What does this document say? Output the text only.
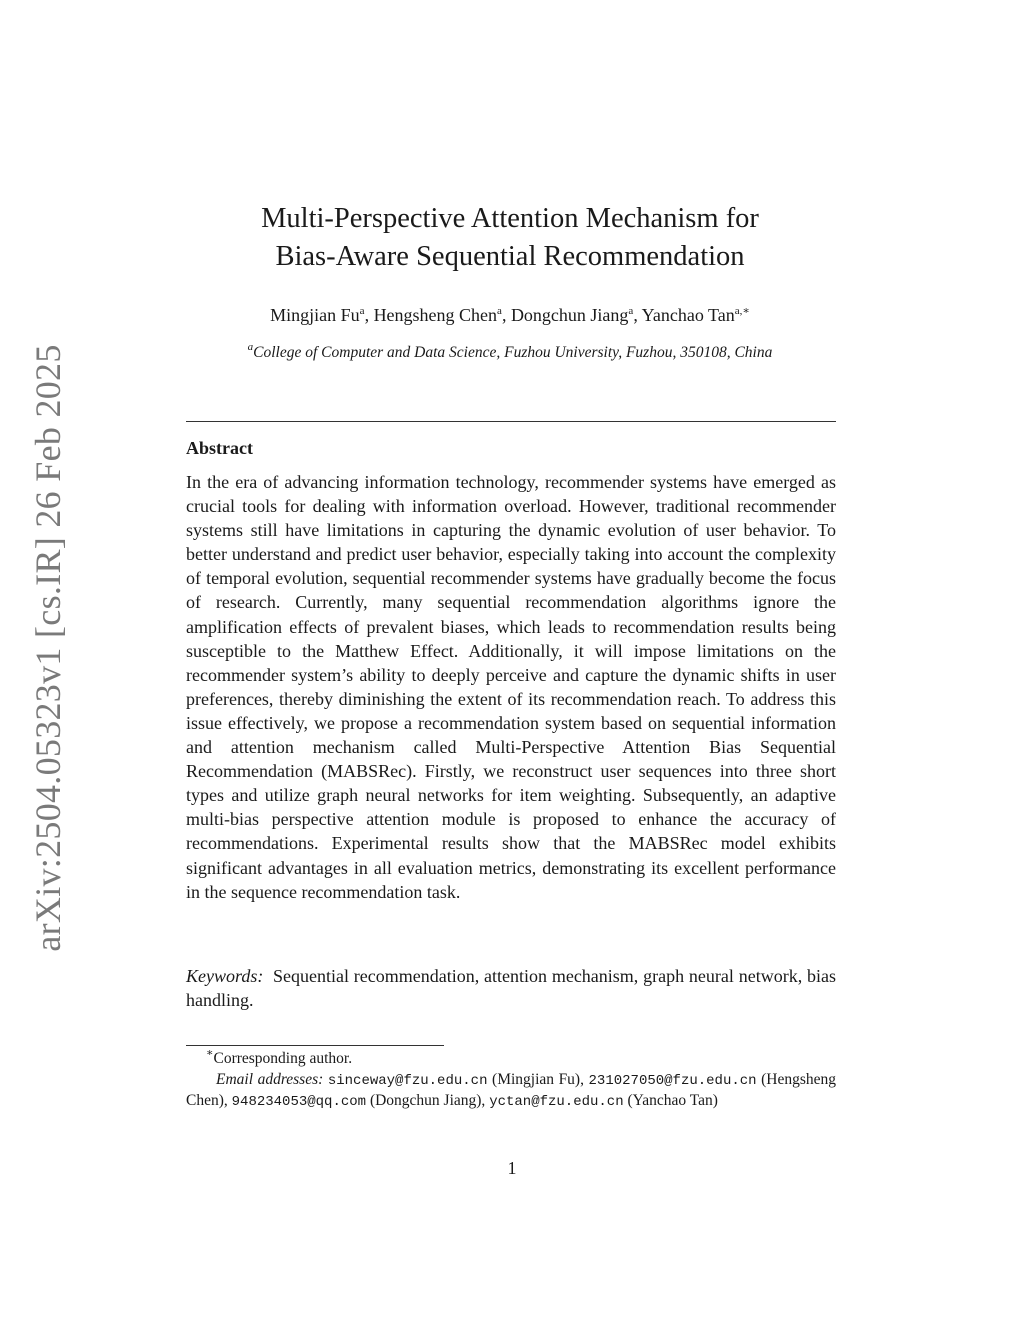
arXiv:2504.05323v1 [cs.IR] 26 Feb 2025
Multi-Perspective Attention Mechanism for
Bias-Aware Sequential Recommendation
Mingjian Fu$^a$, Hengsheng Chen$^a$, Dongchun Jiang$^a$, Yanchao Tan$^{a,∗}$
$^a$College of Computer and Data Science, Fuzhou University, Fuzhou, 350108, China
Abstract
In the era of advancing information technology, recommender systems have emerged as crucial tools for dealing with information overload. However, traditional recommender systems still have limitations in capturing the dynamic evolution of user behavior. To better understand and predict user behavior, especially taking into account the complexity of temporal evolution, sequential recommender systems have gradually become the focus of research. Currently, many sequential recommendation algorithms ignore the amplification effects of prevalent biases, which leads to recommendation results being susceptible to the Matthew Effect. Additionally, it will impose limitations on the recommender system’s ability to deeply perceive and capture the dynamic shifts in user preferences, thereby diminishing the extent of its recommendation reach. To address this issue effectively, we propose a recommendation system based on sequential information and attention mechanism called Multi-Perspective Attention Bias Sequential Recommendation (MABSRec). Firstly, we reconstruct user sequences into three short types and utilize graph neural networks for item weighting. Subsequently, an adaptive multi-bias perspective attention module is proposed to enhance the accuracy of recommendations. Experimental results show that the MABSRec model exhibits significant advantages in all evaluation metrics, demonstrating its excellent performance in the sequence recommendation task.
Keywords: Sequential recommendation, attention mechanism, graph neural network, bias handling.
∗Corresponding author.
Email addresses: sinceway@fzu.edu.cn (Mingjian Fu), 231027050@fzu.edu.cn (Hengsheng Chen), 948234053@qq.com (Dongchun Jiang), yctan@fzu.edu.cn (Yanchao Tan)
1
